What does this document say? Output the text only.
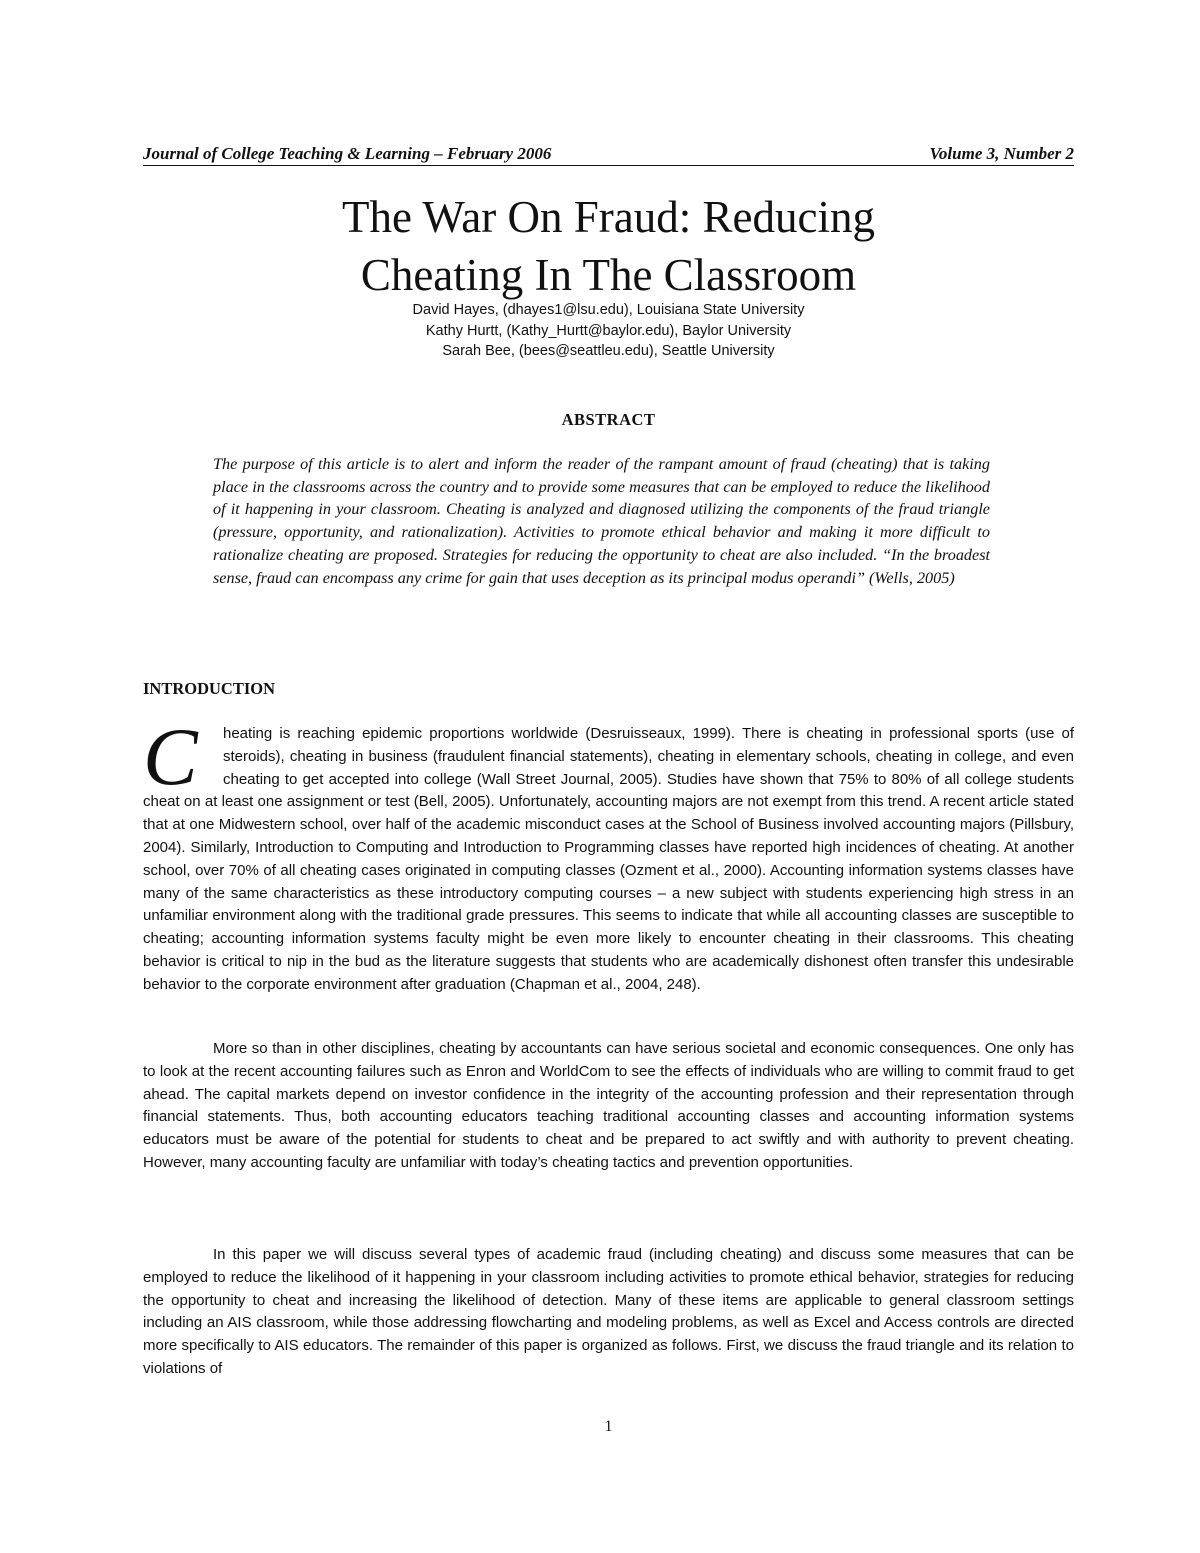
Journal of College Teaching & Learning – February 2006	Volume 3, Number 2
The War On Fraud: Reducing
Cheating In The Classroom
David Hayes, (dhayes1@lsu.edu), Louisiana State University
Kathy Hurtt, (Kathy_Hurtt@baylor.edu), Baylor University
Sarah Bee, (bees@seattleu.edu), Seattle University
ABSTRACT

The purpose of this article is to alert and inform the reader of the rampant amount of fraud (cheating) that is taking place in the classrooms across the country and to provide some measures that can be employed to reduce the likelihood of it happening in your classroom. Cheating is analyzed and diagnosed utilizing the components of the fraud triangle (pressure, opportunity, and rationalization). Activities to promote ethical behavior and making it more difficult to rationalize cheating are proposed. Strategies for reducing the opportunity to cheat are also included. “In the broadest sense, fraud can encompass any crime for gain that uses deception as its principal modus operandi” (Wells, 2005)

INTRODUCTION

C	heating is reaching epidemic proportions worldwide (Desruisseaux, 1999). There is cheating in professional sports (use of steroids), cheating in business (fraudulent financial statements), cheating in elementary schools, cheating in college, and even cheating to get accepted into college (Wall Street Journal, 2005). Studies have shown that 75% to 80% of all college students cheat on at least one assignment or test (Bell, 2005). Unfortunately, accounting majors are not exempt from this trend. A recent article stated that at one Midwestern school, over half of the academic misconduct cases at the School of Business involved accounting majors (Pillsbury, 2004). Similarly, Introduction to Computing and Introduction to Programming classes have reported high incidences of cheating. At another school, over 70% of all cheating cases originated in computing classes (Ozment et al., 2000). Accounting information systems classes have many of the same characteristics as these introductory computing courses – a new subject with students experiencing high stress in an unfamiliar environment along with the traditional grade pressures. This seems to indicate that while all accounting classes are susceptible to cheating; accounting information systems faculty might be even more likely to encounter cheating in their classrooms. This cheating behavior is critical to nip in the bud as the literature suggests that students who are academically dishonest often transfer this undesirable behavior to the corporate environment after graduation (Chapman et al., 2004, 248).

More so than in other disciplines, cheating by accountants can have serious societal and economic consequences. One only has to look at the recent accounting failures such as Enron and WorldCom to see the effects of individuals who are willing to commit fraud to get ahead. The capital markets depend on investor confidence in the integrity of the accounting profession and their representation through financial statements. Thus, both accounting educators teaching traditional accounting classes and accounting information systems educators must be aware of the potential for students to cheat and be prepared to act swiftly and with authority to prevent cheating. However, many accounting faculty are unfamiliar with today’s cheating tactics and prevention opportunities.

In this paper we will discuss several types of academic fraud (including cheating) and discuss some measures that can be employed to reduce the likelihood of it happening in your classroom including activities to promote ethical behavior, strategies for reducing the opportunity to cheat and increasing the likelihood of detection. Many of these items are applicable to general classroom settings including an AIS classroom, while those addressing flowcharting and modeling problems, as well as Excel and Access controls are directed more specifically to AIS educators. The remainder of this paper is organized as follows. First, we discuss the fraud triangle and its relation to violations of

1
